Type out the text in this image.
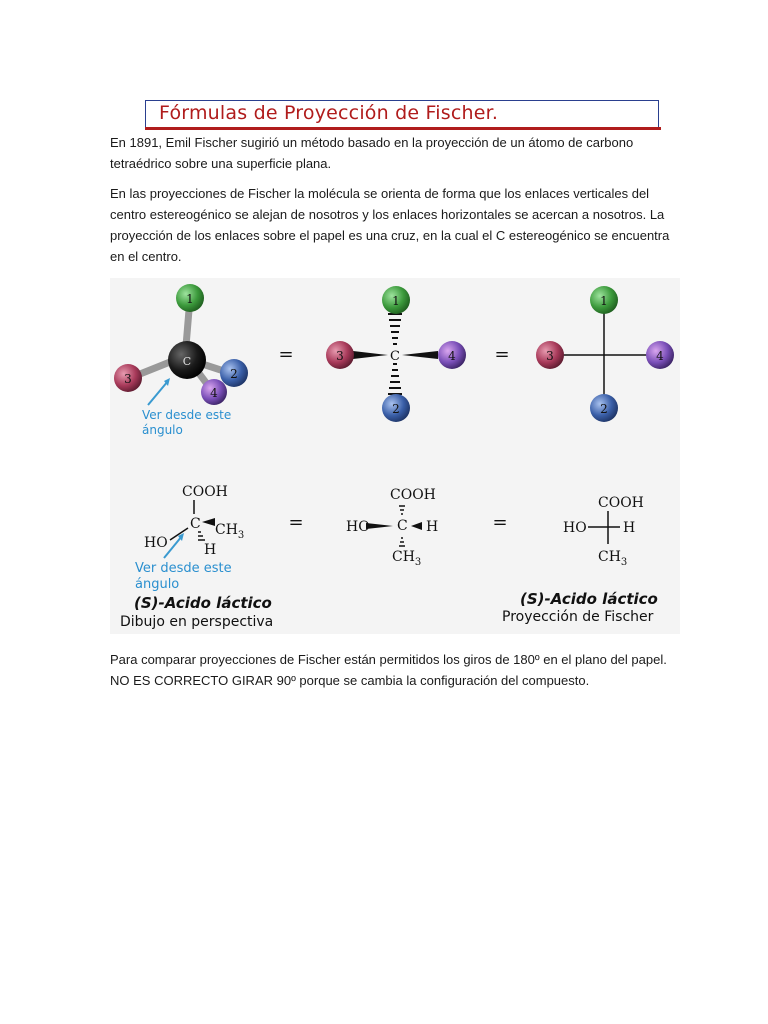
Fórmulas de Proyección de Fischer.
En 1891, Emil Fischer sugirió un método basado en la proyección de un átomo de carbono tetraédrico sobre una superficie plana.
En las proyecciones de Fischer la molécula se orienta de forma que los enlaces verticales del centro estereogénico se alejan de nosotros y los enlaces horizontales se acercan a nosotros. La proyección de los enlaces sobre el papel es una cruz, en la cual el C estereogénico se encuentra en el centro.
1
3	2
4
C
Ver desde este
ángulo
=
1
2
3	4
C	=
1
2
3	4
COOH
C $CH_3$
HO	H
Ver desde este
ángulo
(S)-Acido láctico
Dibujo en perspectiva
=
COOH
C
HO	H
$CH_3$
=
COOH
HO	H
$CH_3$
(S)-Acido láctico
Proyección de Fischer
Para comparar proyecciones de Fischer están permitidos los giros de 180º en el plano del papel. NO ES CORRECTO GIRAR 90º porque se cambia la configuración del compuesto.
